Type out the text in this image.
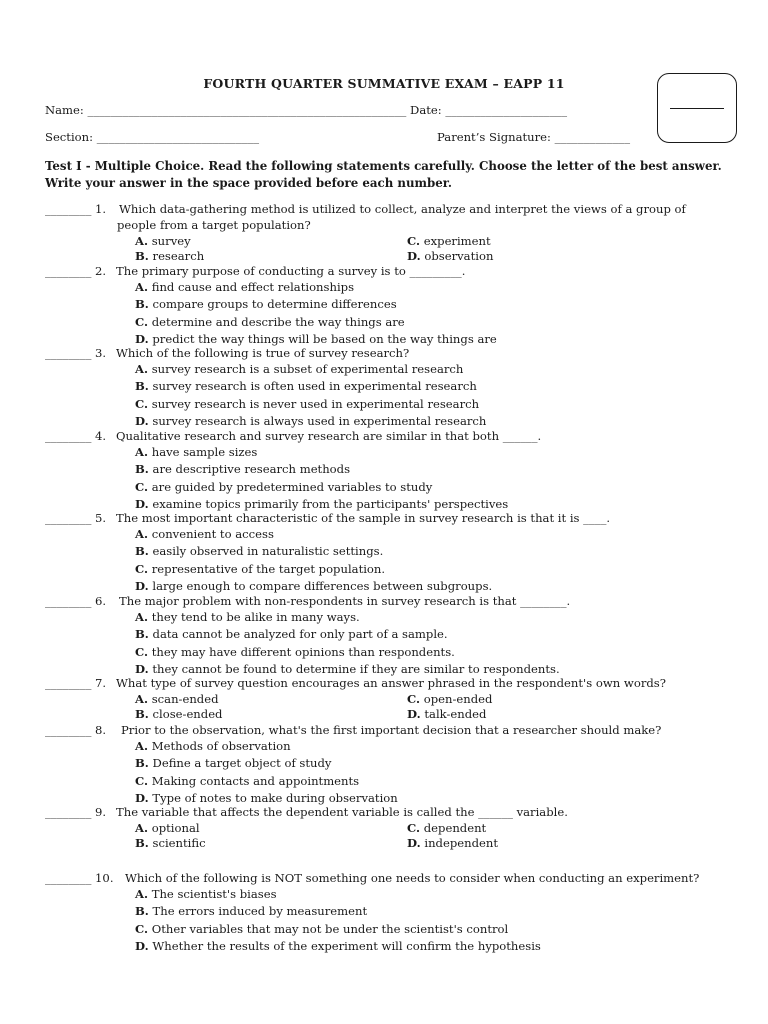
FOURTH QUARTER SUMMATIVE EXAM – EAPP 11
Name: _______________________________________________________ Date: _____________________
Section: ____________________________	Parent’s Signature: _____________
Test I - Multiple Choice. Read the following statements carefully. Choose the letter of the best answer.
Write your answer in the space provided before each number.
________ 1. Which data-gathering method is utilized to collect, analyze and interpret the views of a group of
people from a target population?
A. survey	C. experiment
B. research	D. observation
________ 2. The primary purpose of conducting a survey is to _________.
A. find cause and effect relationships
B. compare groups to determine differences
C. determine and describe the way things are
D. predict the way things will be based on the way things are
________ 3. Which of the following is true of survey research?
A. survey research is a subset of experimental research
B. survey research is often used in experimental research
C. survey research is never used in experimental research
D. survey research is always used in experimental research
________ 4. Qualitative research and survey research are similar in that both ______.
A. have sample sizes
B. are descriptive research methods
C. are guided by predetermined variables to study
D. examine topics primarily from the participants' perspectives
________ 5. The most important characteristic of the sample in survey research is that it is ____.
A. convenient to access
B. easily observed in naturalistic settings.
C. representative of the target population.
D. large enough to compare differences between subgroups.
________ 6. The major problem with non-respondents in survey research is that ________.
A. they tend to be alike in many ways.
B. data cannot be analyzed for only part of a sample.
C. they may have different opinions than respondents.
D. they cannot be found to determine if they are similar to respondents.
________ 7. What type of survey question encourages an answer phrased in the respondent's own words?
A. scan-ended	C. open-ended
B. close-ended	D. talk-ended
________ 8. Prior to the observation, what's the first important decision that a researcher should make?
A. Methods of observation
B. Define a target object of study
C. Making contacts and appointments
D. Type of notes to make during observation
________ 9. The variable that affects the dependent variable is called the ______ variable.
A. optional	C. dependent
B. scientific	D. independent
________ 10. Which of the following is NOT something one needs to consider when conducting an experiment?
A. The scientist's biases
B. The errors induced by measurement
C. Other variables that may not be under the scientist's control
D. Whether the results of the experiment will confirm the hypothesis
